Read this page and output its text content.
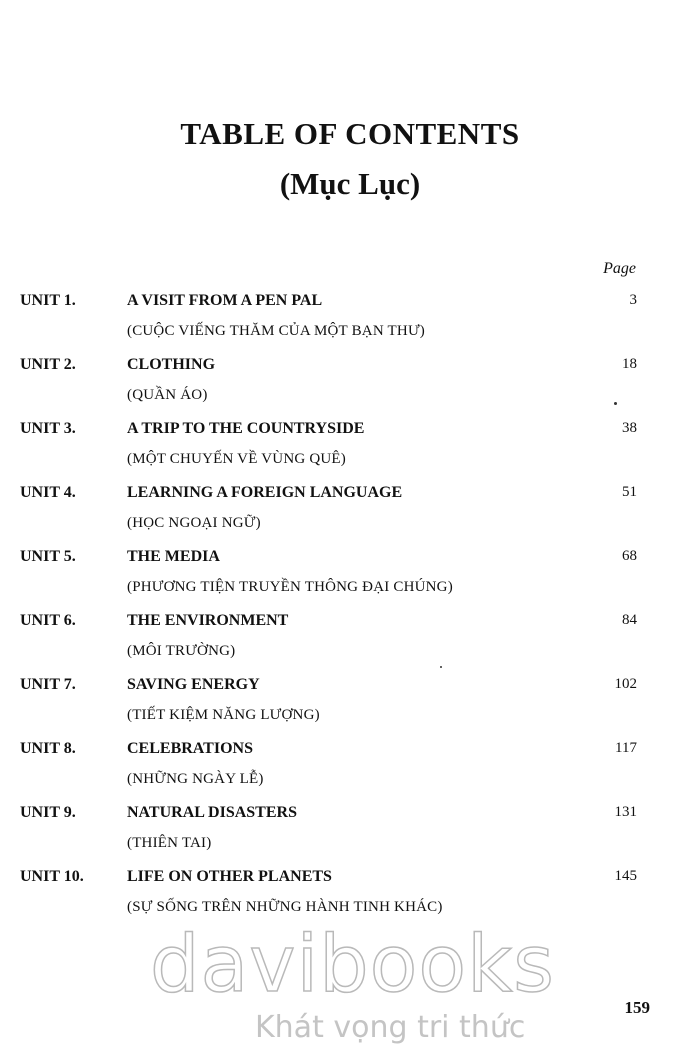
TABLE OF CONTENTS
(Mục Lục)
Page
UNIT 1.	A VISIT FROM A PEN PAL	3
(CUỘC VIẾNG THĂM CỦA MỘT BẠN THƯ)
UNIT 2.	CLOTHING	18
(QUẦN ÁO)
UNIT 3.	A TRIP TO THE COUNTRYSIDE	38
(MỘT CHUYẾN VỀ VÙNG QUÊ)
UNIT 4.	LEARNING A FOREIGN LANGUAGE	51
(HỌC NGOẠI NGỮ)
UNIT 5.	THE MEDIA	68
(PHƯƠNG TIỆN TRUYỀN THÔNG ĐẠI CHÚNG)
UNIT 6.	THE ENVIRONMENT	84
(MÔI TRƯỜNG)
UNIT 7.	SAVING ENERGY	102
(TIẾT KIỆM NĂNG LƯỢNG)
UNIT 8.	CELEBRATIONS	117
(NHỮNG NGÀY LỄ)
UNIT 9.	NATURAL DISASTERS	131
(THIÊN TAI)
UNIT 10.	LIFE ON OTHER PLANETS	145
(SỰ SỐNG TRÊN NHỮNG HÀNH TINH KHÁC)
davibooks
Khát vọng tri thức
159
